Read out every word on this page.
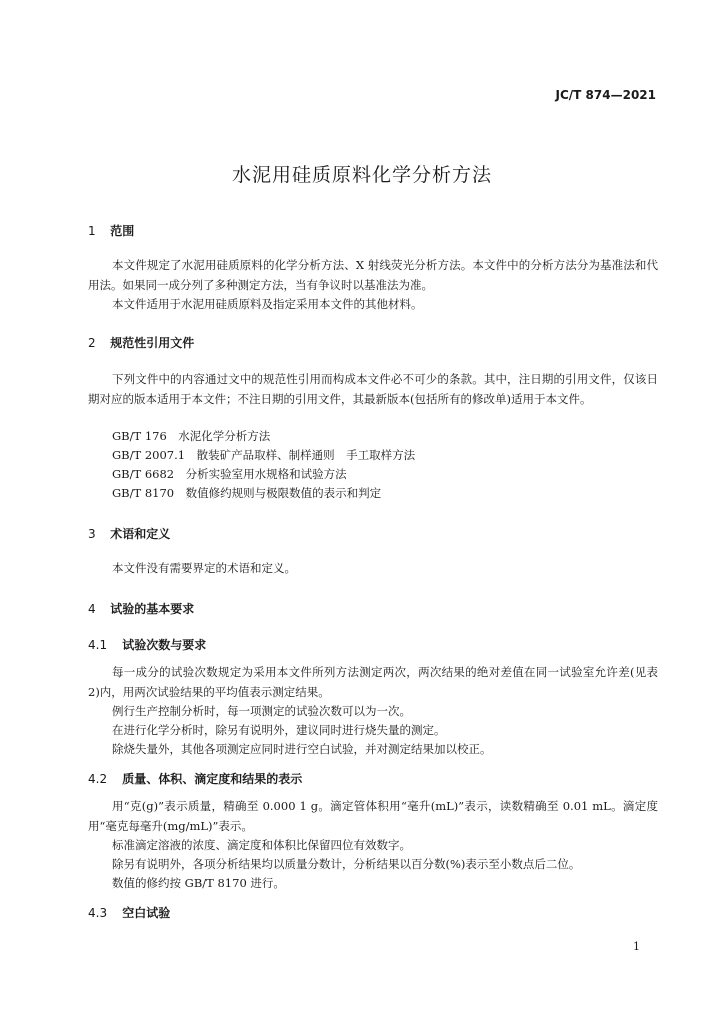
JC/T 874—2021
水泥用硅质原料化学分析方法
1 范围
本文件规定了水泥用硅质原料的化学分析方法、X 射线荧光分析方法。本文件中的分析方法分为基准法和代用法。如果同一成分列了多种测定方法，当有争议时以基准法为准。
本文件适用于水泥用硅质原料及指定采用本文件的其他材料。
2 规范性引用文件
下列文件中的内容通过文中的规范性引用而构成本文件必不可少的条款。其中，注日期的引用文件，仅该日期对应的版本适用于本文件；不注日期的引用文件，其最新版本(包括所有的修改单)适用于本文件。
GB/T 176　水泥化学分析方法
GB/T 2007.1　散装矿产品取样、制样通则　手工取样方法
GB/T 6682　分析实验室用水规格和试验方法
GB/T 8170　数值修约规则与极限数值的表示和判定
3 术语和定义
本文件没有需要界定的术语和定义。
4 试验的基本要求
4.1 试验次数与要求
每一成分的试验次数规定为采用本文件所列方法测定两次，两次结果的绝对差值在同一试验室允许差(见表 2)内，用两次试验结果的平均值表示测定结果。
例行生产控制分析时，每一项测定的试验次数可以为一次。
在进行化学分析时，除另有说明外，建议同时进行烧失量的测定。
除烧失量外，其他各项测定应同时进行空白试验，并对测定结果加以校正。
4.2 质量、体积、滴定度和结果的表示
用“克(g)”表示质量，精确至 0.000 1 g。滴定管体积用“毫升(mL)”表示，读数精确至 0.01 mL。滴定度用“毫克每毫升(mg/mL)”表示。
标准滴定溶液的浓度、滴定度和体积比保留四位有效数字。
除另有说明外，各项分析结果均以质量分数计，分析结果以百分数(%)表示至小数点后二位。
数值的修约按 GB/T 8170 进行。
4.3 空白试验
1
